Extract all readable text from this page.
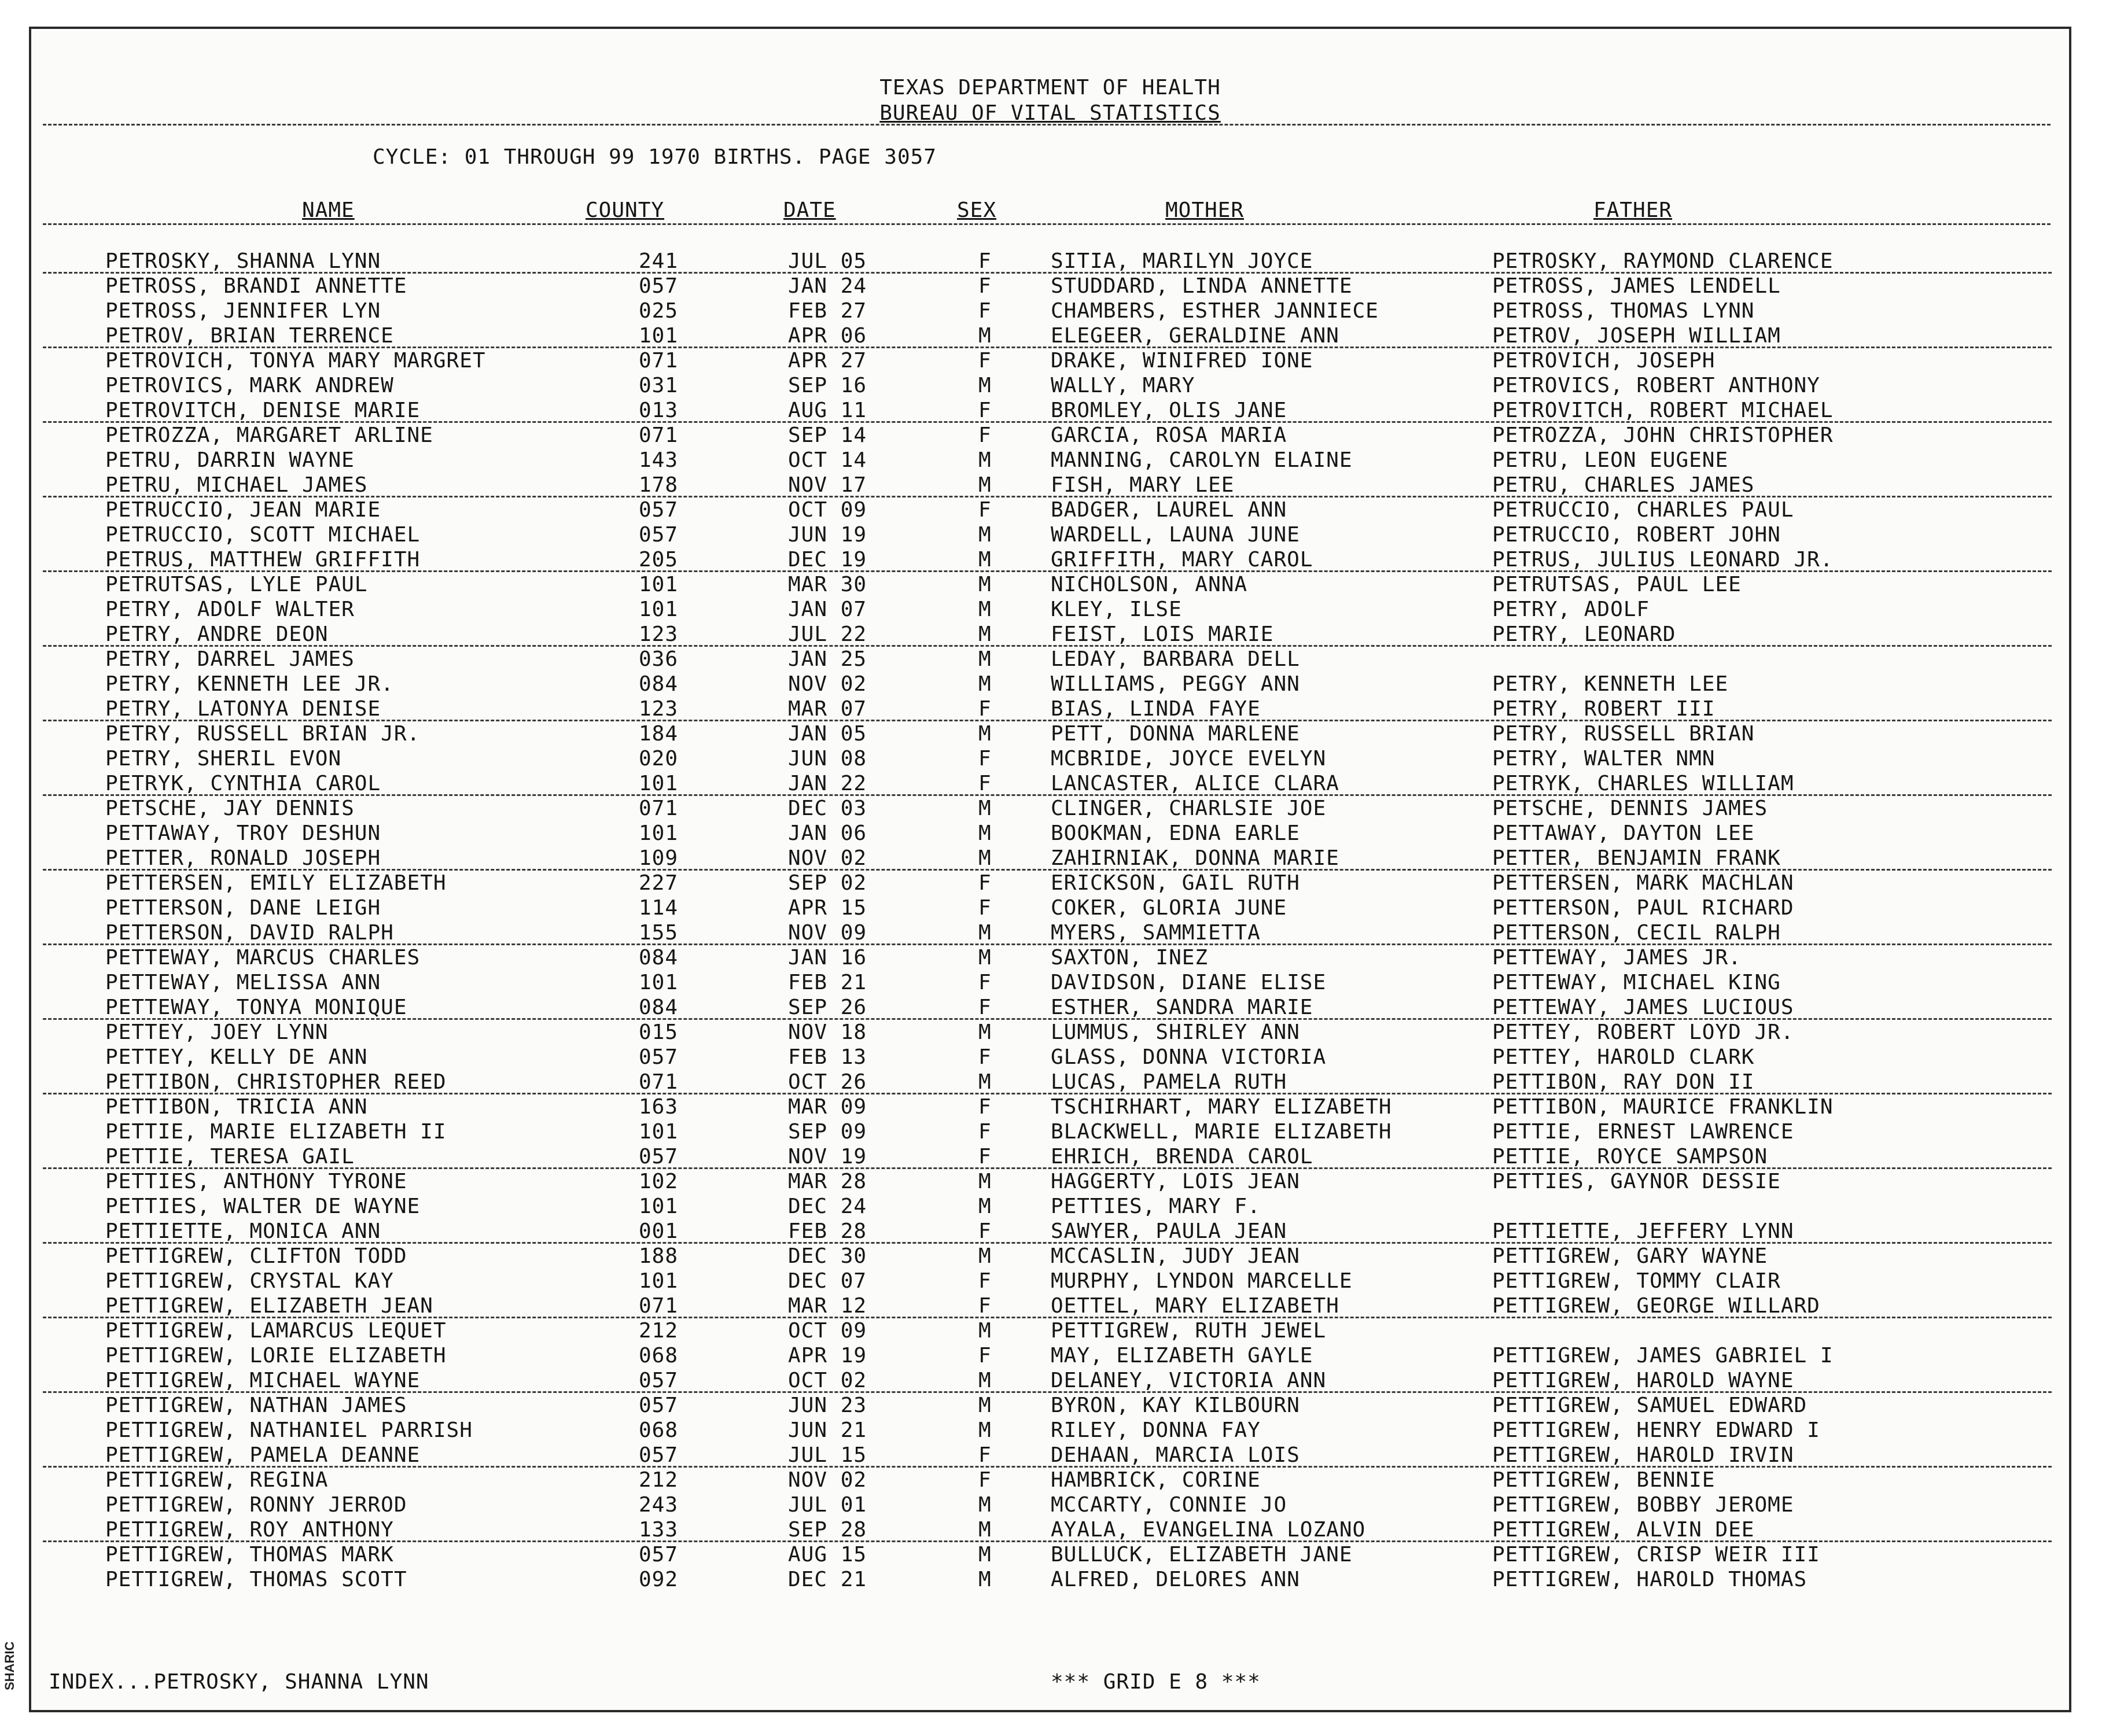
TEXAS DEPARTMENT OF HEALTH
BUREAU OF VITAL STATISTICS
CYCLE: 01 THROUGH 99 1970 BIRTHS. PAGE 3057
NAME	COUNTY	DATE	SEX	MOTHER	FATHER
PETROSKY, SHANNA LYNN	241	JUL 05	F	SITIA, MARILYN JOYCE	PETROSKY, RAYMOND CLARENCE
PETROSS, BRANDI ANNETTE	057	JAN 24	F	STUDDARD, LINDA ANNETTE	PETROSS, JAMES LENDELL
PETROSS, JENNIFER LYN	025	FEB 27	F	CHAMBERS, ESTHER JANNIECE	PETROSS, THOMAS LYNN
PETROV, BRIAN TERRENCE	101	APR 06	M	ELEGEER, GERALDINE ANN	PETROV, JOSEPH WILLIAM
PETROVICH, TONYA MARY MARGRET	071	APR 27	F	DRAKE, WINIFRED IONE	PETROVICH, JOSEPH
PETROVICS, MARK ANDREW	031	SEP 16	M	WALLY, MARY	PETROVICS, ROBERT ANTHONY
PETROVITCH, DENISE MARIE	013	AUG 11	F	BROMLEY, OLIS JANE	PETROVITCH, ROBERT MICHAEL
PETROZZA, MARGARET ARLINE	071	SEP 14	F	GARCIA, ROSA MARIA	PETROZZA, JOHN CHRISTOPHER
PETRU, DARRIN WAYNE	143	OCT 14	M	MANNING, CAROLYN ELAINE	PETRU, LEON EUGENE
PETRU, MICHAEL JAMES	178	NOV 17	M	FISH, MARY LEE	PETRU, CHARLES JAMES
PETRUCCIO, JEAN MARIE	057	OCT 09	F	BADGER, LAUREL ANN	PETRUCCIO, CHARLES PAUL
PETRUCCIO, SCOTT MICHAEL	057	JUN 19	M	WARDELL, LAUNA JUNE	PETRUCCIO, ROBERT JOHN
PETRUS, MATTHEW GRIFFITH	205	DEC 19	M	GRIFFITH, MARY CAROL	PETRUS, JULIUS LEONARD JR.
PETRUTSAS, LYLE PAUL	101	MAR 30	M	NICHOLSON, ANNA	PETRUTSAS, PAUL LEE
PETRY, ADOLF WALTER	101	JAN 07	M	KLEY, ILSE	PETRY, ADOLF
PETRY, ANDRE DEON	123	JUL 22	M	FEIST, LOIS MARIE	PETRY, LEONARD
PETRY, DARREL JAMES	036	JAN 25	M	LEDAY, BARBARA DELL
PETRY, KENNETH LEE JR.	084	NOV 02	M	WILLIAMS, PEGGY ANN	PETRY, KENNETH LEE
PETRY, LATONYA DENISE	123	MAR 07	F	BIAS, LINDA FAYE	PETRY, ROBERT III
PETRY, RUSSELL BRIAN JR.	184	JAN 05	M	PETT, DONNA MARLENE	PETRY, RUSSELL BRIAN
PETRY, SHERIL EVON	020	JUN 08	F	MCBRIDE, JOYCE EVELYN	PETRY, WALTER NMN
PETRYK, CYNTHIA CAROL	101	JAN 22	F	LANCASTER, ALICE CLARA	PETRYK, CHARLES WILLIAM
PETSCHE, JAY DENNIS	071	DEC 03	M	CLINGER, CHARLSIE JOE	PETSCHE, DENNIS JAMES
PETTAWAY, TROY DESHUN	101	JAN 06	M	BOOKMAN, EDNA EARLE	PETTAWAY, DAYTON LEE
PETTER, RONALD JOSEPH	109	NOV 02	M	ZAHIRNIAK, DONNA MARIE	PETTER, BENJAMIN FRANK
PETTERSEN, EMILY ELIZABETH	227	SEP 02	F	ERICKSON, GAIL RUTH	PETTERSEN, MARK MACHLAN
PETTERSON, DANE LEIGH	114	APR 15	F	COKER, GLORIA JUNE	PETTERSON, PAUL RICHARD
PETTERSON, DAVID RALPH	155	NOV 09	M	MYERS, SAMMIETTA	PETTERSON, CECIL RALPH
PETTEWAY, MARCUS CHARLES	084	JAN 16	M	SAXTON, INEZ	PETTEWAY, JAMES JR.
PETTEWAY, MELISSA ANN	101	FEB 21	F	DAVIDSON, DIANE ELISE	PETTEWAY, MICHAEL KING
PETTEWAY, TONYA MONIQUE	084	SEP 26	F	ESTHER, SANDRA MARIE	PETTEWAY, JAMES LUCIOUS
PETTEY, JOEY LYNN	015	NOV 18	M	LUMMUS, SHIRLEY ANN	PETTEY, ROBERT LOYD JR.
PETTEY, KELLY DE ANN	057	FEB 13	F	GLASS, DONNA VICTORIA	PETTEY, HAROLD CLARK
PETTIBON, CHRISTOPHER REED	071	OCT 26	M	LUCAS, PAMELA RUTH	PETTIBON, RAY DON II
PETTIBON, TRICIA ANN	163	MAR 09	F	TSCHIRHART, MARY ELIZABETH	PETTIBON, MAURICE FRANKLIN
PETTIE, MARIE ELIZABETH II	101	SEP 09	F	BLACKWELL, MARIE ELIZABETH	PETTIE, ERNEST LAWRENCE
PETTIE, TERESA GAIL	057	NOV 19	F	EHRICH, BRENDA CAROL	PETTIE, ROYCE SAMPSON
PETTIES, ANTHONY TYRONE	102	MAR 28	M	HAGGERTY, LOIS JEAN	PETTIES, GAYNOR DESSIE
PETTIES, WALTER DE WAYNE	101	DEC 24	M	PETTIES, MARY F.
PETTIETTE, MONICA ANN	001	FEB 28	F	SAWYER, PAULA JEAN	PETTIETTE, JEFFERY LYNN
PETTIGREW, CLIFTON TODD	188	DEC 30	M	MCCASLIN, JUDY JEAN	PETTIGREW, GARY WAYNE
PETTIGREW, CRYSTAL KAY	101	DEC 07	F	MURPHY, LYNDON MARCELLE	PETTIGREW, TOMMY CLAIR
PETTIGREW, ELIZABETH JEAN	071	MAR 12	F	OETTEL, MARY ELIZABETH	PETTIGREW, GEORGE WILLARD
PETTIGREW, LAMARCUS LEQUET	212	OCT 09	M	PETTIGREW, RUTH JEWEL
PETTIGREW, LORIE ELIZABETH	068	APR 19	F	MAY, ELIZABETH GAYLE	PETTIGREW, JAMES GABRIEL I
PETTIGREW, MICHAEL WAYNE	057	OCT 02	M	DELANEY, VICTORIA ANN	PETTIGREW, HAROLD WAYNE
PETTIGREW, NATHAN JAMES	057	JUN 23	M	BYRON, KAY KILBOURN	PETTIGREW, SAMUEL EDWARD
PETTIGREW, NATHANIEL PARRISH	068	JUN 21	M	RILEY, DONNA FAY	PETTIGREW, HENRY EDWARD I
PETTIGREW, PAMELA DEANNE	057	JUL 15	F	DEHAAN, MARCIA LOIS	PETTIGREW, HAROLD IRVIN
PETTIGREW, REGINA	212	NOV 02	F	HAMBRICK, CORINE	PETTIGREW, BENNIE
PETTIGREW, RONNY JERROD	243	JUL 01	M	MCCARTY, CONNIE JO	PETTIGREW, BOBBY JEROME
PETTIGREW, ROY ANTHONY	133	SEP 28	M	AYALA, EVANGELINA LOZANO	PETTIGREW, ALVIN DEE
PETTIGREW, THOMAS MARK	057	AUG 15	M	BULLUCK, ELIZABETH JANE	PETTIGREW, CRISP WEIR III
PETTIGREW, THOMAS SCOTT	092	DEC 21	M	ALFRED, DELORES ANN	PETTIGREW, HAROLD THOMAS
INDEX...PETROSKY, SHANNA LYNN	*** GRID E 8 ***
SHARIC
